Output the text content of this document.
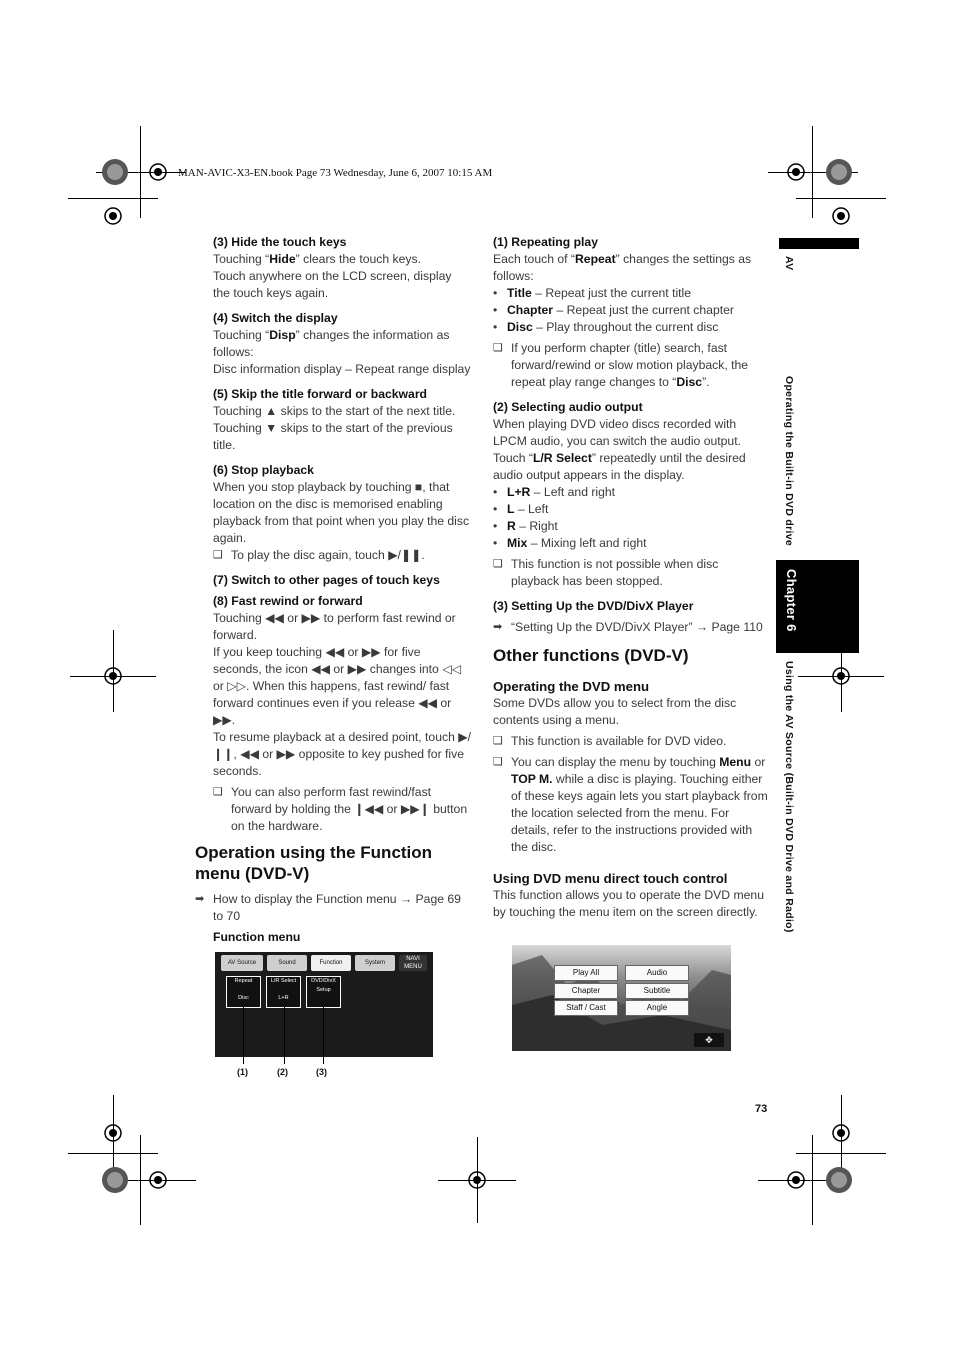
MAN-AVIC-X3-EN.book Page 73 Wednesday, June 6, 2007 10:15 AM
AV
Operating the Built-in DVD drive
Chapter 6
Using the AV Source (Built-in DVD Drive and Radio)

(3) Hide the touch keys

Touching “Hide” clears the touch keys.

Touch anywhere on the LCD screen, display the touch keys again.

(4) Switch the display

Touching “Disp” changes the information as follows:

Disc information display – Repeat range display

(5) Skip the title forward or backward

Touching ▲ skips to the start of the next title.

Touching ▼ skips to the start of the previous title.

(6) Stop playback

When you stop playback by touching ■, that location on the disc is memorised enabling playback from that point when you play the disc again.

❑ To play the disc again, touch ▶/❚❚.

(7) Switch to other pages of touch keys

(8) Fast rewind or forward

Touching ◀◀ or ▶▶ to perform fast rewind or forward.

If you keep touching ◀◀ or ▶▶ for five seconds, the icon ◀◀ or ▶▶ changes into ◁◁ or ▷▷. When this happens, fast rewind/ fast forward continues even if you release ◀◀ or ▶▶.

To resume playback at a desired point, touch ▶/❙❙, ◀◀ or ▶▶ opposite to key pushed for five seconds.

❑ You can also perform fast rewind/fast forward by holding the ❙◀◀ or ▶▶❙ button on the hardware.

Operation using the Function menu (DVD-V)

➡ How to display the Function menu → Page 69 to 70

Function menu
AV Source	Sound	Function	System
NAVI MENU
Repeat
Disc
L/R Select
L+R
DVD/DivX
Setup
(1)	(2)	(3)

(1) Repeating play

Each touch of “Repeat” changes the settings as follows:

• Title – Repeat just the current title

• Chapter – Repeat just the current chapter

• Disc – Play throughout the current disc

❑ If you perform chapter (title) search, fast forward/rewind or slow motion playback, the repeat play range changes to “Disc”.

(2) Selecting audio output

When playing DVD video discs recorded with LPCM audio, you can switch the audio output. Touch “L/R Select” repeatedly until the desired audio output appears in the display.

• L+R – Left and right

• L – Left

• R – Right

• Mix – Mixing left and right

❑ This function is not possible when disc playback has been stopped.

(3) Setting Up the DVD/DivX Player

➡ “Setting Up the DVD/DivX Player” → Page 110

Other functions (DVD-V)

Operating the DVD menu

Some DVDs allow you to select from the disc contents using a menu.

❑ This function is available for DVD video.

❑ You can display the menu by touching Menu or TOP M. while a disc is playing. Touching either of these keys again lets you start playback from the location selected from the menu. For details, refer to the instructions provided with the disc.

Using DVD menu direct touch control

This function allows you to operate the DVD menu by touching the menu item on the screen directly.

Play All	Audio
Chapter	Subtitle
Staff / Cast	Angle
✥
73
